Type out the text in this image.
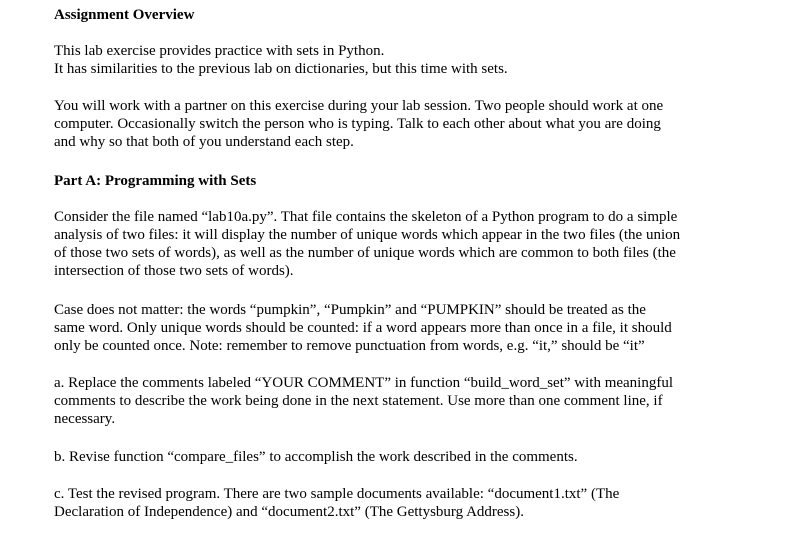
Assignment Overview
This lab exercise provides practice with sets in Python.
It has similarities to the previous lab on dictionaries, but this time with sets.
You will work with a partner on this exercise during your lab session. Two people should work at one
computer. Occasionally switch the person who is typing. Talk to each other about what you are doing
and why so that both of you understand each step.
Part A: Programming with Sets
Consider the file named “lab10a.py”. That file contains the skeleton of a Python program to do a simple
analysis of two files: it will display the number of unique words which appear in the two files (the union
of those two sets of words), as well as the number of unique words which are common to both files (the
intersection of those two sets of words).
Case does not matter: the words “pumpkin”, “Pumpkin” and “PUMPKIN” should be treated as the
same word. Only unique words should be counted: if a word appears more than once in a file, it should
only be counted once. Note: remember to remove punctuation from words, e.g. “it,” should be “it”
a. Replace the comments labeled “YOUR COMMENT” in function “build_word_set” with meaningful
comments to describe the work being done in the next statement. Use more than one comment line, if
necessary.
b. Revise function “compare_files” to accomplish the work described in the comments.
c. Test the revised program. There are two sample documents available: “document1.txt” (The
Declaration of Independence) and “document2.txt” (The Gettysburg Address).
